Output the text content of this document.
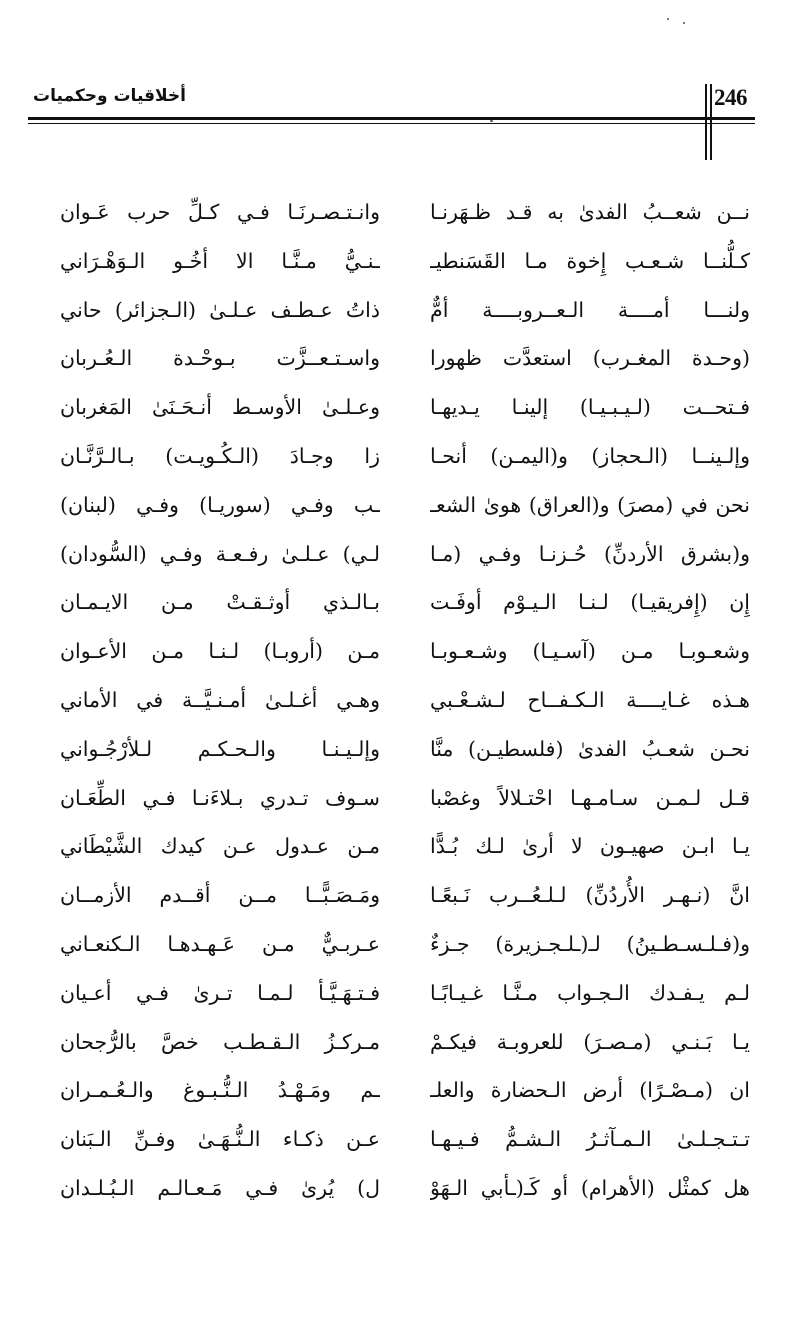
246
أخلاقيات وحكميات
نــن شعــبُ الفدىٰ به قـد ظـهَرنـا
كـلُّنــا شـعـب إِخوة مـا القَسَنطيـ
ولنـــا أمــــة الـعــروبــــة أمٌّ
(وحـدة المغـرب) استعدَّت ظهورا
فـتحــت (لـيـبـيـا) إلينـا يـديهـا
وإلـينــا (الـحجاز) و(اليمـن) أنحـا
نحن في (مصرَ) و(العراق) هوىٰ الشعـ
و(بشرق الأردنِّ) حُـزنـا وفـي (مـا
إِن (إِفريقيـا) لـنـا الـيـوْم أوفَـت
وشعـوبـا مـن (آسـيـا) وشـعـوبـا
هـذه غـايــــة الـكـفــاح لـشـعْـبي
نحـن شعـبُ الفدىٰ (فلسطيـن) منَّا
قـل لـمـن سـامـهـا احْتـلالاً وغصْبا
يـا ابـن صهيـون لا أرىٰ لـك بُـدًّا
انَّ (نـهـر الأُردُنِّ) لـلـعُــرب نَـبعًـا
و(فـلـسـطـينُ) لـ(ـلـجـزيرة) جـزءٌ
لـم يـفـدك الـجـواب مـنَّـا غـيـابًـا
يـا بَـنـي (مـصـرَ) للعروبـة فيكـمْ
ان (مـصْـرًا) أرض الـحضارة والعلـ
تـتـجـلـىٰ الـمـآثـرُ الـشـمُّ فـيـهـا
هل كمثْل (الأهرام) أو كَـ(ـأبي الـهَوْ
وانـتـصـرنَـا فـي كـلِّ حرب عَـوان
ـنـيُّ مـنَّـا الا أخُـو الـوَهْـرَاني
ذاتُ عـطـف عـلـىٰ (الـجزائر) حاني
واسـتـعــزَّت بـوحْـدة الـعُـربان
وعـلـىٰ الأوسـط أنـحَـنَىٰ المَغربان
زا وجـادَ (الـكُـويـت) بـالـرَّنَّـان
ـب وفـي (سوريـا) وفـي (لبنان)
لـي) عـلـىٰ رفـعـة وفـي (السُّودان)
بـالـذي أوثـقـتْ مـن الايـمـان
مـن (أروبـا) لـنـا مـن الأعـوان
وهـي أغـلـىٰ أمـنـيَّــة في الأماني
وإلـيـنـا والـحـكـم لـلأرْجُـواني
سـوف تـدري بـلاءَنـا فـي الطِّعَـان
مـن عـدول عـن كيدك الشَّيْطَاني
ومَـصَـبًّــا مــن أقــدم الأزمــان
عـربـيٌّ مـن عَـهـدهـا الـكنعـاني
فـتـهَـيَّـأ لـمـا تـرىٰ فـي أعـيان
مـركـزُ الـقـطـب خصَّ بالرُّجحان
ـم ومَـهْـدُ الـنُّـبـوغ والـعُـمـران
عـن ذكـاء الـنُّـهَـىٰ وفـنِّ الـبَنان
ل) يُرىٰ فـي مَـعـالـم الـبُـلـدان
